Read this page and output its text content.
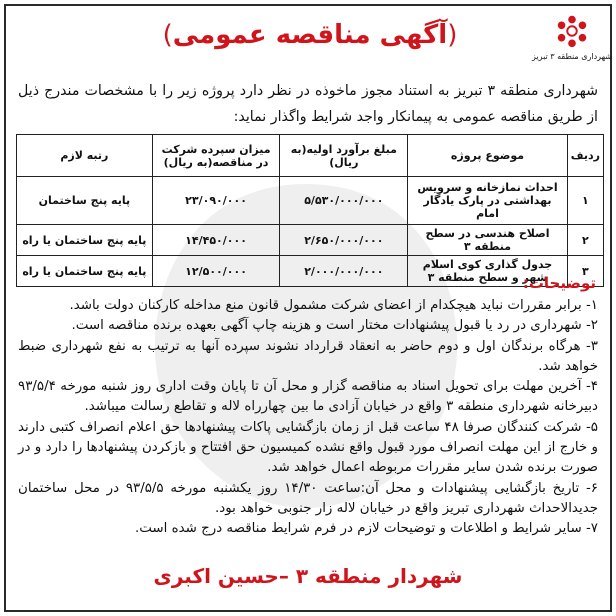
شهرداری منطقه ۳ تبریز
(آگهی مناقصه عمومی)

شهرداری منطقه ۳ تبریز به استناد مجوز ماخوذه در نظر دارد پروژه زیر را با مشخصات مندرج ذیل از طریق مناقصه عمومی به پیمانکار واجد شرایط واگذار نماید:

ردیف	موضوع پروژه	مبلغ برآورد اولیه(به ریال)	میزان سپرده شرکت در مناقصه(به ریال)	رتبه لازم
۱	احداث نمازخانه و سرویس بهداشتی در پارک یادگار امام	۵/۵۳۰/۰۰۰/۰۰۰	۲۳/۰۹۰/۰۰۰	پایه پنج ساختمان
۲	اصلاح هندسی در سطح منطقه ۳	۲/۶۵۰/۰۰۰/۰۰۰	۱۴/۴۵۰/۰۰۰	پایه پنج ساختمان یا راه
۳	جدول گذاری کوی اسلام شهر و سطح منطقه ۳	۲/۰۰۰/۰۰۰/۰۰۰	۱۲/۵۰۰/۰۰۰	پایه پنج ساختمان یا راه
توضیحات:
۱- برابر مقررات نباید هیچکدام از اعضای شرکت مشمول قانون منع مداخله کارکنان دولت باشد.
۲- شهرداری در رد یا قبول پیشنهادات مختار است و هزینه چاپ آگهی بعهده برنده مناقصه است.
۳- هرگاه برندگان اول و دوم حاضر به انعقاد قرارداد نشوند سپرده آنها به ترتیب به نفع شهرداری ضبط خواهد شد.
۴- آخرین مهلت برای تحویل اسناد به مناقصه گزار و محل آن تا پایان وقت اداری روز شنبه مورخه ۹۳/۵/۴ دبیرخانه شهرداری منطقه ۳ واقع در خیابان آزادی ما بین چهارراه لاله و تقاطع رسالت میباشد.
۵- شرکت کنندگان صرفا ۴۸ ساعت قبل از زمان بازگشایی پاکات پیشنهادها حق اعلام انصراف کتبی دارند و خارج از این مهلت انصراف مورد قبول واقع نشده کمیسیون حق افتتاح و بازکردن پیشنهادها را دارد و در صورت برنده شدن سایر مقررات مربوطه اعمال خواهد شد.
۶- تاریخ بازگشایی پیشنهادات و محل آن:ساعت ۱۴/۳۰ روز یکشنبه مورخه ۹۳/۵/۵ در محل ساختمان جدیدالاحداث شهرداری تبریز واقع در خیابان لاله زار جنوبی خواهد بود.
۷- سایر شرایط و اطلاعات و توضیحات لازم در فرم شرایط مناقصه درج شده است.
شهردار منطقه ۳ –حسین اکبری
